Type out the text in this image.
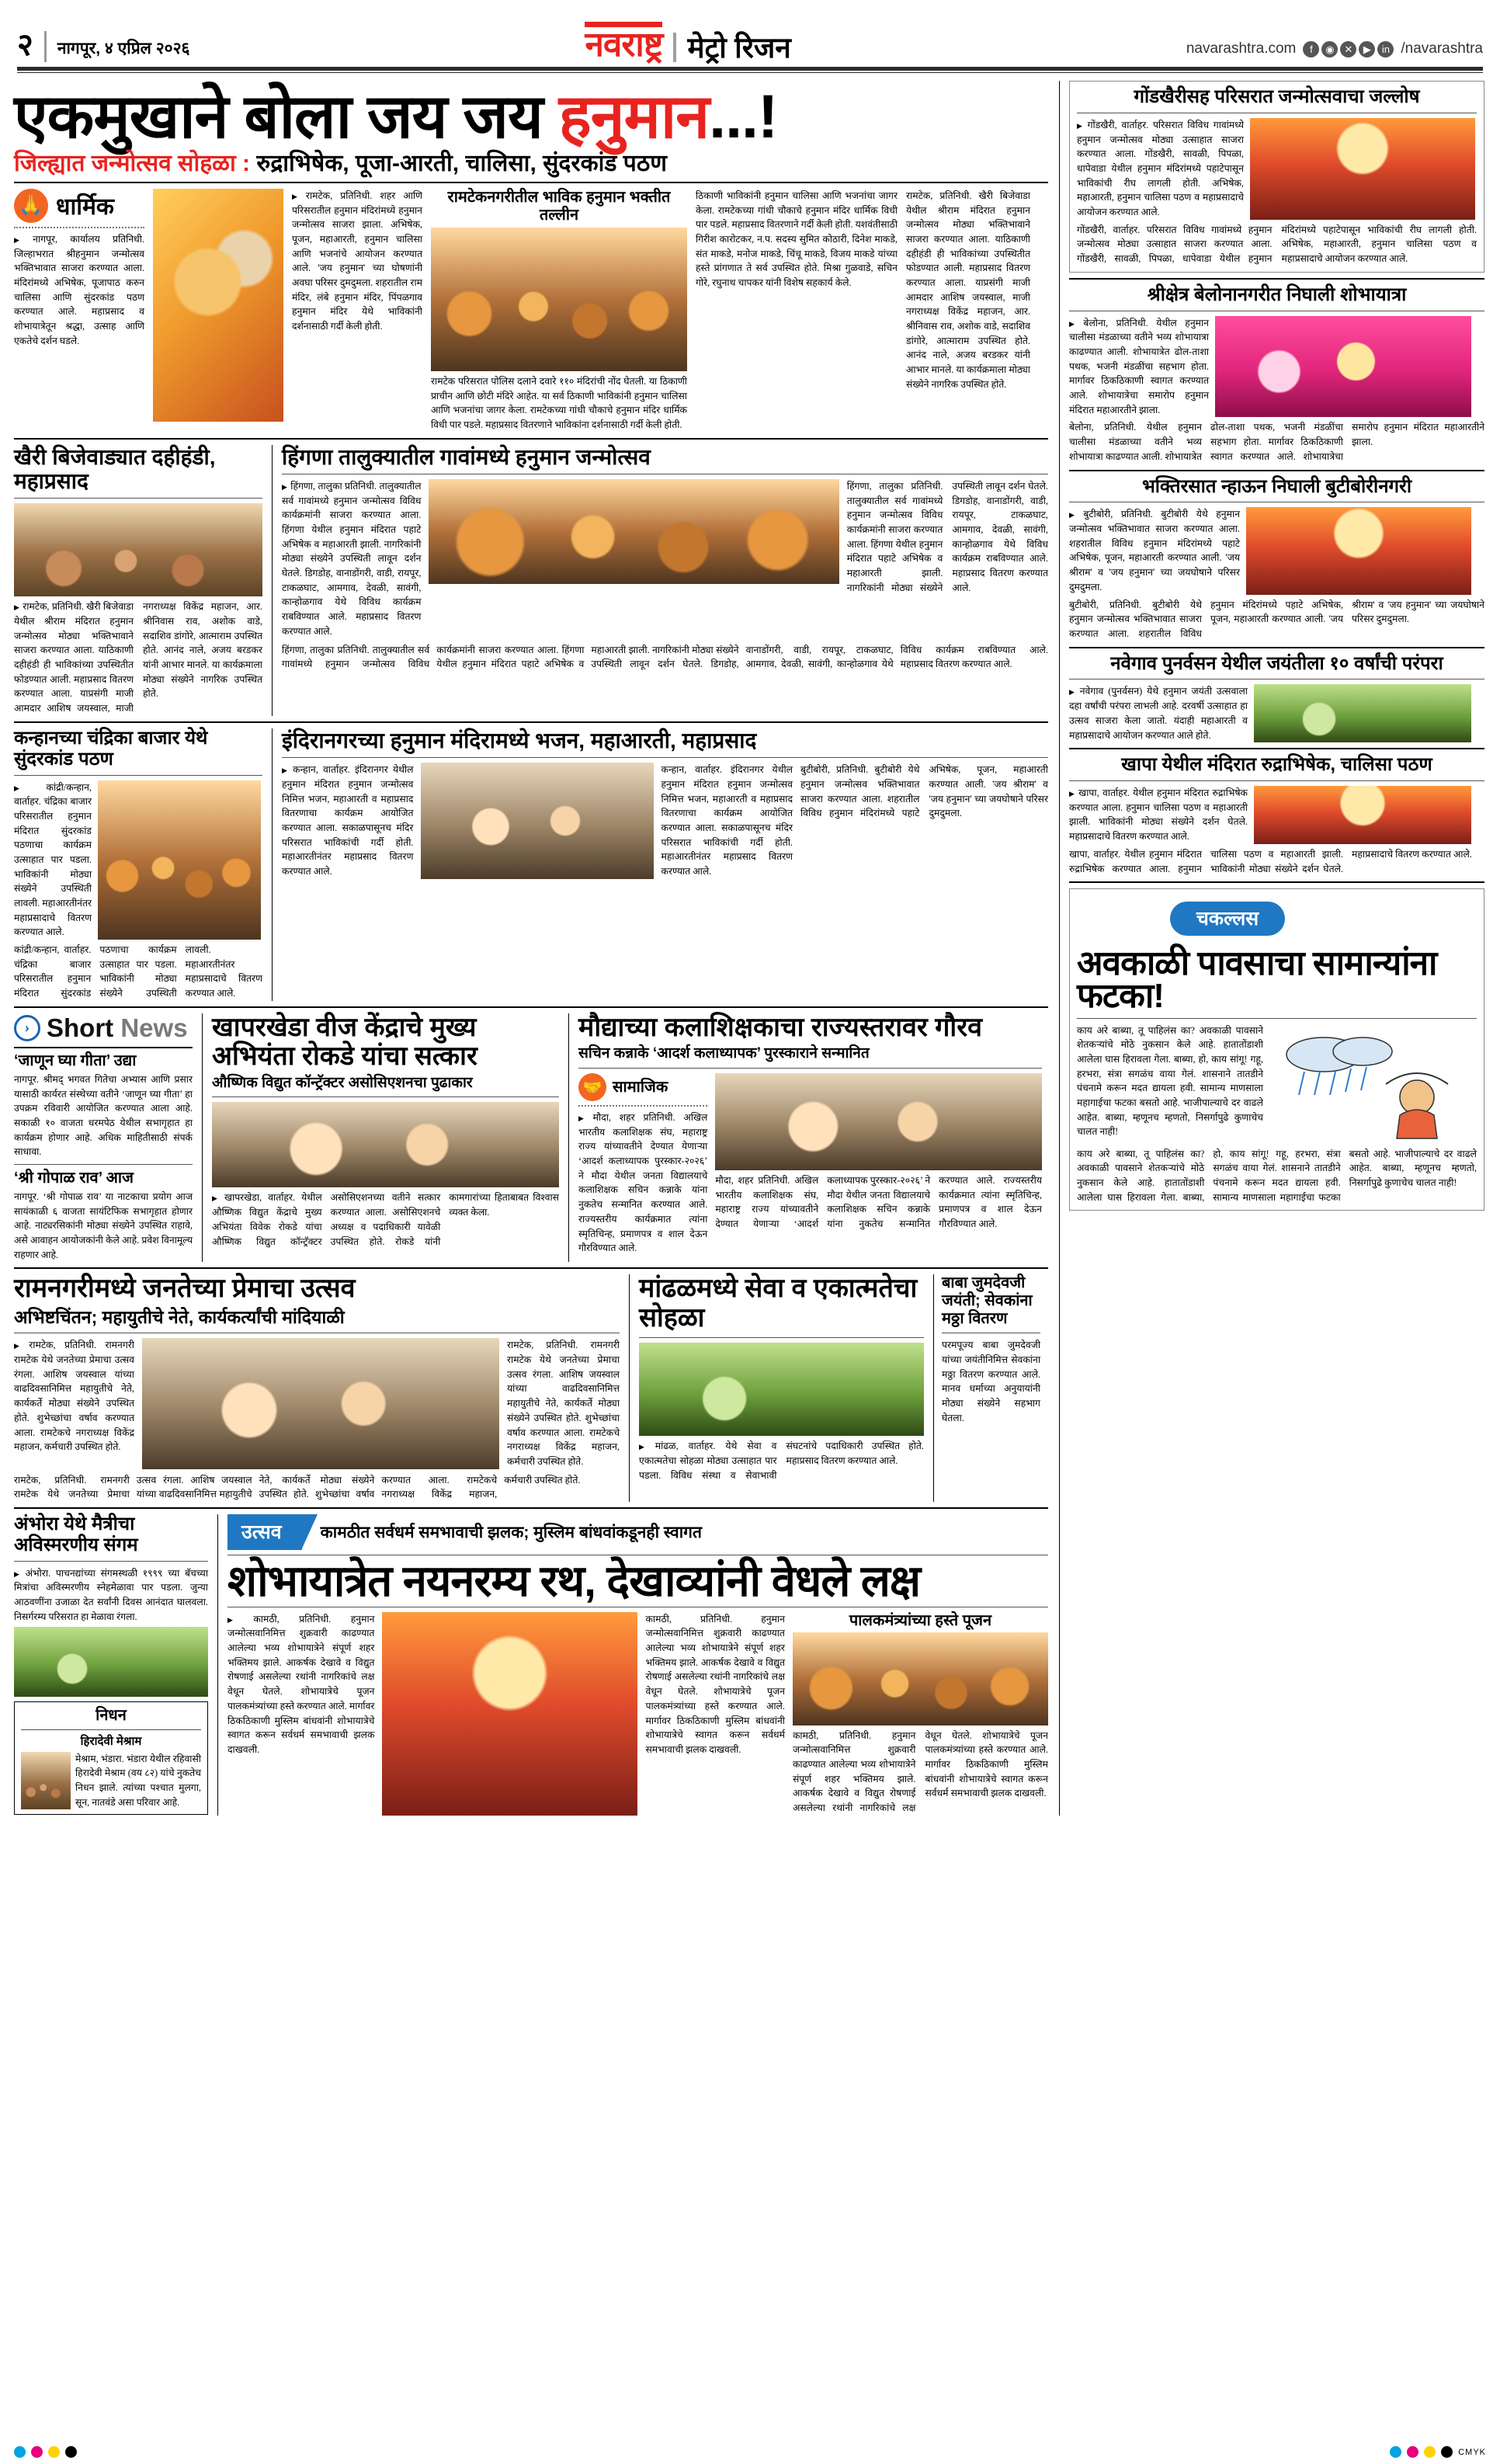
२ नागपूर, ४ एप्रिल २०२६	नवराष्ट्र मेट्रो रिजन	navarashtra.com	f	◉ ✕	▶	in /navarashtra
एकमुखाने बोला जय जय हनुमान...!
जिल्ह्यात जन्मोत्सव सोहळा : रुद्राभिषेक, पूजा-आरती, चालिसा, सुंदरकांड पठण
🙏 धार्मिक
▶ नागपूर, कार्यालय प्रतिनिधी. जिल्हाभरात श्रीहनुमान जन्मोत्सव भक्तिभावात साजरा करण्यात आला. मंदिरांमध्ये अभिषेक, पूजापाठ करुन चालिसा आणि सुंदरकांड पठण करण्यात आले. महाप्रसाद व शोभायात्रेतून श्रद्धा, उत्साह आणि एकतेचे दर्शन घडले.
▶ रामटेक, प्रतिनिधी. शहर आणि परिसरातील हनुमान मंदिरांमध्ये हनुमान जन्मोत्सव साजरा झाला. अभिषेक, पूजन, महाआरती, हनुमान चालिसा आणि भजनांचे आयोजन करण्यात आले. 'जय हनुमान' च्या घोषणांनी अवघा परिसर दुमदुमला. शहरातील राम मंदिर, लंबे हनुमान मंदिर, पिंपळगाव हनुमान मंदिर येथे भाविकांनी दर्शनासाठी गर्दी केली होती.
रामटेकनगरीतील भाविक हनुमान भक्तीत तल्लीन
रामटेक परिसरात पोलिस दलाने दवारे ११० मंदिरांची नोंद घेतली. या ठिकाणी प्राचीन आणि छोटी मंदिरे आहेत. या सर्व ठिकाणी भाविकांनी हनुमान चालिसा आणि भजनांचा जागर केला. रामटेकच्या गांधी चौकाचे हनुमान मंदिर धार्मिक विधी पार पडले. महाप्रसाद वितरणाने भाविकांना दर्शनासाठी गर्दी केली होती.
ठिकाणी भाविकांनी हनुमान चालिसा आणि भजनांचा जागर केला. रामटेकच्या गांधी चौकाचे हनुमान मंदिर धार्मिक विधी पार पडले. महाप्रसाद वितरणाने गर्दी केली होती. यशवंतीसाठी गिरीश कारोटकर, न.प. सदस्य सुमित कोठारी, दिनेश माकडे, संत माकडे, मनोज माकडे, चिंचू माकडे, विजय माकडे यांच्या हस्ते प्रांगणात ते सर्व उपस्थित होते. मिश्रा गुळवाडे, सचिन गोरे, रघुनाथ चापकर यांनी विशेष सहकार्य केले.
रामटेक, प्रतिनिधी. खैरी बिजेवाडा येथील श्रीराम मंदिरात हनुमान जन्मोत्सव मोठ्या भक्तिभावाने साजरा करण्यात आला. याठिकाणी दहीहंडी ही भाविकांच्या उपस्थितीत फोडण्यात आली. महाप्रसाद वितरण करण्यात आला. याप्रसंगी माजी आमदार आशिष जयस्वाल, माजी नगराध्यक्ष विकेंद्र महाजन, आर. श्रीनिवास राव, अशोक वाडे, सदाशिव डांगोरे, आत्माराम उपस्थित होते. आनंद नाले, अजय बरडकर यांनी आभार मानले. या कार्यक्रमाला मोठ्या संख्येने नागरिक उपस्थित होते.
खैरी बिजेवाड्यात दहीहंडी, महाप्रसाद
▶ रामटेक, प्रतिनिधी. खैरी बिजेवाडा येथील श्रीराम मंदिरात हनुमान जन्मोत्सव मोठ्या भक्तिभावाने साजरा करण्यात आला. याठिकाणी दहीहंडी ही भाविकांच्या उपस्थितीत फोडण्यात आली. महाप्रसाद वितरण करण्यात आला. याप्रसंगी माजी आमदार आशिष जयस्वाल, माजी नगराध्यक्ष विकेंद्र महाजन, आर. श्रीनिवास राव, अशोक वाडे, सदाशिव डांगोरे, आत्माराम उपस्थित होते. आनंद नाले, अजय बरडकर यांनी आभार मानले. या कार्यक्रमाला मोठ्या संख्येने नागरिक उपस्थित होते.
हिंगणा तालुक्यातील गावांमध्ये हनुमान जन्मोत्सव
▶ हिंगणा, तालुका प्रतिनिधी. तालुक्यातील सर्व गावांमध्ये हनुमान जन्मोत्सव विविध कार्यक्रमांनी साजरा करण्यात आला. हिंगणा येथील हनुमान मंदिरात पहाटे अभिषेक व महाआरती झाली. नागरिकांनी मोठ्या संख्येने उपस्थिती लावून दर्शन घेतले. डिगडोह, वानाडोंगरी, वाडी, रायपूर, टाकळघाट, आमगाव, देवळी, सावंगी, कान्होळगाव येथे विविध कार्यक्रम राबविण्यात आले. महाप्रसाद वितरण करण्यात आले.
हिंगणा, तालुका प्रतिनिधी. तालुक्यातील सर्व गावांमध्ये हनुमान जन्मोत्सव विविध कार्यक्रमांनी साजरा करण्यात आला. हिंगणा येथील हनुमान मंदिरात पहाटे अभिषेक व महाआरती झाली. नागरिकांनी मोठ्या संख्येने उपस्थिती लावून दर्शन घेतले. डिगडोह, वानाडोंगरी, वाडी, रायपूर, टाकळघाट, आमगाव, देवळी, सावंगी, कान्होळगाव येथे विविध कार्यक्रम राबविण्यात आले. महाप्रसाद वितरण करण्यात आले.
हिंगणा, तालुका प्रतिनिधी. तालुक्यातील सर्व गावांमध्ये हनुमान जन्मोत्सव विविध कार्यक्रमांनी साजरा करण्यात आला. हिंगणा येथील हनुमान मंदिरात पहाटे अभिषेक व महाआरती झाली. नागरिकांनी मोठ्या संख्येने उपस्थिती लावून दर्शन घेतले. डिगडोह, वानाडोंगरी, वाडी, रायपूर, टाकळघाट, आमगाव, देवळी, सावंगी, कान्होळगाव येथे विविध कार्यक्रम राबविण्यात आले. महाप्रसाद वितरण करण्यात आले.
कन्हानच्या चंद्रिका बाजार येथे सुंदरकांड पठण
▶ कांद्री/कन्हान, वार्ताहर. चंद्रिका बाजार परिसरातील हनुमान मंदिरात सुंदरकांड पठणाचा कार्यक्रम उत्साहात पार पडला. भाविकांनी मोठ्या संख्येने उपस्थिती लावली. महाआरतीनंतर महाप्रसादाचे वितरण करण्यात आले.
कांद्री/कन्हान, वार्ताहर. चंद्रिका बाजार परिसरातील हनुमान मंदिरात सुंदरकांड पठणाचा कार्यक्रम उत्साहात पार पडला. भाविकांनी मोठ्या संख्येने उपस्थिती लावली. महाआरतीनंतर महाप्रसादाचे वितरण करण्यात आले.
इंदिरानगरच्या हनुमान मंदिरामध्ये भजन, महाआरती, महाप्रसाद
▶ कन्हान, वार्ताहर. इंदिरानगर येथील हनुमान मंदिरात हनुमान जन्मोत्सव निमित्त भजन, महाआरती व महाप्रसाद वितरणाचा कार्यक्रम आयोजित करण्यात आला. सकाळपासूनच मंदिर परिसरात भाविकांची गर्दी होती. महाआरतीनंतर महाप्रसाद वितरण करण्यात आले.
कन्हान, वार्ताहर. इंदिरानगर येथील हनुमान मंदिरात हनुमान जन्मोत्सव निमित्त भजन, महाआरती व महाप्रसाद वितरणाचा कार्यक्रम आयोजित करण्यात आला. सकाळपासूनच मंदिर परिसरात भाविकांची गर्दी होती. महाआरतीनंतर महाप्रसाद वितरण करण्यात आले.
बुटीबोरी, प्रतिनिधी. बुटीबोरी येथे हनुमान जन्मोत्सव भक्तिभावात साजरा करण्यात आला. शहरातील विविध हनुमान मंदिरांमध्ये पहाटे अभिषेक, पूजन, महाआरती करण्यात आली. 'जय श्रीराम' व 'जय हनुमान' च्या जयघोषाने परिसर दुमदुमला.
› Short News
‘जाणून घ्या गीता’ उद्या
नागपूर. श्रीमद् भगवत गितेचा अभ्यास आणि प्रसार यासाठी कार्यरत संस्थेच्या वतीने ‘जाणून घ्या गीता’ हा उपक्रम रविवारी आयोजित करण्यात आला आहे. सकाळी १० वाजता धरमपेठ येथील सभागृहात हा कार्यक्रम होणार आहे. अधिक माहितीसाठी संपर्क साधावा.
‘श्री गोपाळ राव’ आज
नागपूर. ‘श्री गोपाळ राव’ या नाटकाचा प्रयोग आज सायंकाळी ६ वाजता सायंटिफिक सभागृहात होणार आहे. नाट्यरसिकांनी मोठ्या संख्येने उपस्थित राहावे, असे आवाहन आयोजकांनी केले आहे. प्रवेश विनामूल्य राहणार आहे.
खापरखेडा वीज केंद्राचे मुख्य अभियंता रोकडे यांचा सत्कार
औष्णिक विद्युत कॉन्ट्रॅक्टर असोसिएशनचा पुढाकार
▶ खापरखेडा, वार्ताहर. येथील औष्णिक विद्युत केंद्राचे मुख्य अभियंता विवेक रोकडे यांचा औष्णिक विद्युत कॉन्ट्रॅक्टर असोसिएशनच्या वतीने सत्कार करण्यात आला. असोसिएशनचे अध्यक्ष व पदाधिकारी यावेळी उपस्थित होते. रोकडे यांनी कामगारांच्या हिताबाबत विश्वास व्यक्त केला.
मौद्याच्या कलाशिक्षकाचा राज्यस्तरावर गौरव
सचिन कन्नाके ‘आदर्श कलाध्यापक’ पुरस्काराने सन्मानित
🤝 सामाजिक
▶ मौदा, शहर प्रतिनिधी. अखिल भारतीय कलाशिक्षक संघ, महाराष्ट्र राज्य यांच्यावतीने देण्यात येणाऱ्या ‘आदर्श कलाध्यापक पुरस्कार-२०२६’ ने मौदा येथील जनता विद्यालयाचे कलाशिक्षक सचिन कन्नाके यांना नुकतेच सन्मानित करण्यात आले. राज्यस्तरीय कार्यक्रमात त्यांना स्मृतिचिन्ह, प्रमाणपत्र व शाल देऊन गौरविण्यात आले.
मौदा, शहर प्रतिनिधी. अखिल भारतीय कलाशिक्षक संघ, महाराष्ट्र राज्य यांच्यावतीने देण्यात येणाऱ्या ‘आदर्श कलाध्यापक पुरस्कार-२०२६’ ने मौदा येथील जनता विद्यालयाचे कलाशिक्षक सचिन कन्नाके यांना नुकतेच सन्मानित करण्यात आले. राज्यस्तरीय कार्यक्रमात त्यांना स्मृतिचिन्ह, प्रमाणपत्र व शाल देऊन गौरविण्यात आले.
रामनगरीमध्ये जनतेच्या प्रेमाचा उत्सव
अभिष्टचिंतन; महायुतीचे नेते, कार्यकर्त्यांची मांदियाळी
▶ रामटेक, प्रतिनिधी. रामनगरी रामटेक येथे जनतेच्या प्रेमाचा उत्सव रंगला. आशिष जयस्वाल यांच्या वाढदिवसानिमित्त महायुतीचे नेते, कार्यकर्ते मोठ्या संख्येने उपस्थित होते. शुभेच्छांचा वर्षाव करण्यात आला. रामटेकचे नगराध्यक्ष विकेंद्र महाजन, कर्मचारी उपस्थित होते.
रामटेक, प्रतिनिधी. रामनगरी रामटेक येथे जनतेच्या प्रेमाचा उत्सव रंगला. आशिष जयस्वाल यांच्या वाढदिवसानिमित्त महायुतीचे नेते, कार्यकर्ते मोठ्या संख्येने उपस्थित होते. शुभेच्छांचा वर्षाव करण्यात आला. रामटेकचे नगराध्यक्ष विकेंद्र महाजन, कर्मचारी उपस्थित होते.
रामटेक, प्रतिनिधी. रामनगरी रामटेक येथे जनतेच्या प्रेमाचा उत्सव रंगला. आशिष जयस्वाल यांच्या वाढदिवसानिमित्त महायुतीचे नेते, कार्यकर्ते मोठ्या संख्येने उपस्थित होते. शुभेच्छांचा वर्षाव करण्यात आला. रामटेकचे नगराध्यक्ष विकेंद्र महाजन, कर्मचारी उपस्थित होते.
मांढळमध्ये सेवा व एकात्मतेचा सोहळा
▶ मांढळ, वार्ताहर. येथे सेवा व एकात्मतेचा सोहळा मोठ्या उत्साहात पार पडला. विविध संस्था व सेवाभावी संघटनांचे पदाधिकारी उपस्थित होते. महाप्रसाद वितरण करण्यात आले.
बाबा जुमदेवजी जयंती; सेवकांना मठ्ठा वितरण
परमपूज्य बाबा जुमदेवजी यांच्या जयंतीनिमित्त सेवकांना मठ्ठा वितरण करण्यात आले. मानव धर्माच्या अनुयायांनी मोठ्या संख्येने सहभाग घेतला.
अंभोरा येथे मैत्रीचा अविस्मरणीय संगम
▶ अंभोरा. पाचनद्यांच्या संगमस्थळी १९९९ च्या बॅचच्या मित्रांचा अविस्मरणीय स्नेहमेळावा पार पडला. जुन्या आठवणींना उजाळा देत सर्वांनी दिवस आनंदात घालवला. निसर्गरम्य परिसरात हा मेळावा रंगला.
निधन
हिरादेवी मेश्राम
मेश्राम, भंडारा. भंडारा येथील रहिवासी हिरादेवी मेश्राम (वय ८२) यांचे नुकतेच निधन झाले. त्यांच्या पश्चात मुलगा, सून, नातवंडे असा परिवार आहे.
उत्सव	कामठीत सर्वधर्म समभावाची झलक; मुस्लिम बांधवांकडूनही स्वागत
शोभायात्रेत नयनरम्य रथ, देखाव्यांनी वेधले लक्ष
▶ कामठी, प्रतिनिधी. हनुमान जन्मोत्सवानिमित्त शुक्रवारी काढण्यात आलेल्या भव्य शोभायात्रेने संपूर्ण शहर भक्तिमय झाले. आकर्षक देखावे व विद्युत रोषणाई असलेल्या रथांनी नागरिकांचे लक्ष वेधून घेतले. शोभायात्रेचे पूजन पालकमंत्र्यांच्या हस्ते करण्यात आले. मार्गावर ठिकठिकाणी मुस्लिम बांधवांनी शोभायात्रेचे स्वागत करून सर्वधर्म समभावाची झलक दाखवली.
कामठी, प्रतिनिधी. हनुमान जन्मोत्सवानिमित्त शुक्रवारी काढण्यात आलेल्या भव्य शोभायात्रेने संपूर्ण शहर भक्तिमय झाले. आकर्षक देखावे व विद्युत रोषणाई असलेल्या रथांनी नागरिकांचे लक्ष वेधून घेतले. शोभायात्रेचे पूजन पालकमंत्र्यांच्या हस्ते करण्यात आले. मार्गावर ठिकठिकाणी मुस्लिम बांधवांनी शोभायात्रेचे स्वागत करून सर्वधर्म समभावाची झलक दाखवली.
पालकमंत्र्यांच्या हस्ते पूजन
कामठी, प्रतिनिधी. हनुमान जन्मोत्सवानिमित्त शुक्रवारी काढण्यात आलेल्या भव्य शोभायात्रेने संपूर्ण शहर भक्तिमय झाले. आकर्षक देखावे व विद्युत रोषणाई असलेल्या रथांनी नागरिकांचे लक्ष वेधून घेतले. शोभायात्रेचे पूजन पालकमंत्र्यांच्या हस्ते करण्यात आले. मार्गावर ठिकठिकाणी मुस्लिम बांधवांनी शोभायात्रेचे स्वागत करून सर्वधर्म समभावाची झलक दाखवली.
गोंडखैरीसह परिसरात जन्मोत्सवाचा जल्लोष
▶ गोंडखैरी, वार्ताहर. परिसरात विविध गावांमध्ये हनुमान जन्मोत्सव मोठ्या उत्साहात साजरा करण्यात आला. गोंडखैरी, सावळी, पिपळा, धापेवाडा येथील हनुमान मंदिरांमध्ये पहाटेपासून भाविकांची रीघ लागली होती. अभिषेक, महाआरती, हनुमान चालिसा पठण व महाप्रसादाचे आयोजन करण्यात आले.
गोंडखैरी, वार्ताहर. परिसरात विविध गावांमध्ये हनुमान जन्मोत्सव मोठ्या उत्साहात साजरा करण्यात आला. गोंडखैरी, सावळी, पिपळा, धापेवाडा येथील हनुमान मंदिरांमध्ये पहाटेपासून भाविकांची रीघ लागली होती. अभिषेक, महाआरती, हनुमान चालिसा पठण व महाप्रसादाचे आयोजन करण्यात आले.
श्रीक्षेत्र बेलोनानगरीत निघाली शोभायात्रा
▶ बेलोना, प्रतिनिधी. येथील हनुमान चालीसा मंडळाच्या वतीने भव्य शोभायात्रा काढण्यात आली. शोभायात्रेत ढोल-ताशा पथक, भजनी मंडळींचा सहभाग होता. मार्गावर ठिकठिकाणी स्वागत करण्यात आले. शोभायात्रेचा समारोप हनुमान मंदिरात महाआरतीने झाला.
बेलोना, प्रतिनिधी. येथील हनुमान चालीसा मंडळाच्या वतीने भव्य शोभायात्रा काढण्यात आली. शोभायात्रेत ढोल-ताशा पथक, भजनी मंडळींचा सहभाग होता. मार्गावर ठिकठिकाणी स्वागत करण्यात आले. शोभायात्रेचा समारोप हनुमान मंदिरात महाआरतीने झाला.
भक्तिरसात न्हाऊन निघाली बुटीबोरीनगरी
▶ बुटीबोरी, प्रतिनिधी. बुटीबोरी येथे हनुमान जन्मोत्सव भक्तिभावात साजरा करण्यात आला. शहरातील विविध हनुमान मंदिरांमध्ये पहाटे अभिषेक, पूजन, महाआरती करण्यात आली. 'जय श्रीराम' व 'जय हनुमान' च्या जयघोषाने परिसर दुमदुमला.
बुटीबोरी, प्रतिनिधी. बुटीबोरी येथे हनुमान जन्मोत्सव भक्तिभावात साजरा करण्यात आला. शहरातील विविध हनुमान मंदिरांमध्ये पहाटे अभिषेक, पूजन, महाआरती करण्यात आली. 'जय श्रीराम' व 'जय हनुमान' च्या जयघोषाने परिसर दुमदुमला.
नवेगाव पुनर्वसन येथील जयंतीला १० वर्षांची परंपरा
▶ नवेगाव (पुनर्वसन) येथे हनुमान जयंती उत्सवाला दहा वर्षांची परंपरा लाभली आहे. दरवर्षी उत्साहात हा उत्सव साजरा केला जातो. यंदाही महाआरती व महाप्रसादाचे आयोजन करण्यात आले होते.
खापा येथील मंदिरात रुद्राभिषेक, चालिसा पठण
▶ खापा, वार्ताहर. येथील हनुमान मंदिरात रुद्राभिषेक करण्यात आला. हनुमान चालिसा पठण व महाआरती झाली. भाविकांनी मोठ्या संख्येने दर्शन घेतले. महाप्रसादाचे वितरण करण्यात आले.
खापा, वार्ताहर. येथील हनुमान मंदिरात रुद्राभिषेक करण्यात आला. हनुमान चालिसा पठण व महाआरती झाली. भाविकांनी मोठ्या संख्येने दर्शन घेतले. महाप्रसादाचे वितरण करण्यात आले.
चकल्लस
अवकाळी पावसाचा सामान्यांना फटका!
काय अरे बाब्या, तू पाहिलंस का? अवकाळी पावसाने शेतकऱ्यांचे मोठे नुकसान केले आहे. हातातोंडाशी आलेला घास हिरावला गेला. बाब्या, हो, काय सांगू! गहू, हरभरा, संत्रा सगळंच वाया गेलं. शासनाने तातडीने पंचनामे करून मदत द्यायला हवी. सामान्य माणसाला महागाईचा फटका बसतो आहे. भाजीपाल्याचे दर वाढले आहेत. बाब्या, म्हणूनच म्हणतो, निसर्गापुढे कुणाचेच चालत नाही!
काय अरे बाब्या, तू पाहिलंस का? अवकाळी पावसाने शेतकऱ्यांचे मोठे नुकसान केले आहे. हातातोंडाशी आलेला घास हिरावला गेला. बाब्या, हो, काय सांगू! गहू, हरभरा, संत्रा सगळंच वाया गेलं. शासनाने तातडीने पंचनामे करून मदत द्यायला हवी. सामान्य माणसाला महागाईचा फटका बसतो आहे. भाजीपाल्याचे दर वाढले आहेत. बाब्या, म्हणूनच म्हणतो, निसर्गापुढे कुणाचेच चालत नाही!
CMYK
